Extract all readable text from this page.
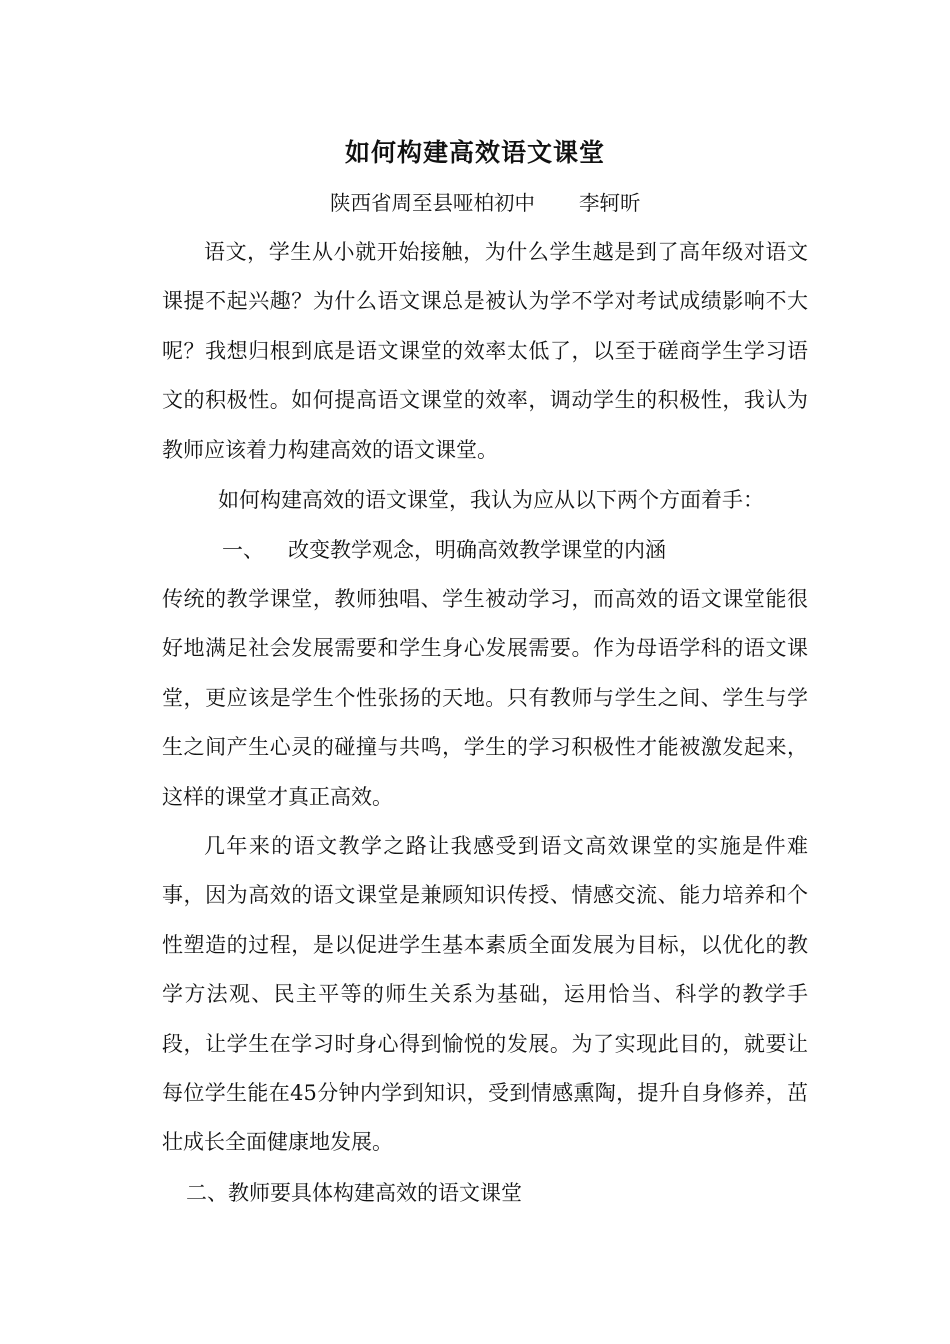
如何构建高效语文课堂
陕西省周至县哑柏初中 李轲昕
语文，学生从小就开始接触，为什么学生越是到了高年级对语文课提不起兴趣？为什么语文课总是被认为学不学对考试成绩影响不大呢？我想归根到底是语文课堂的效率太低了，以至于磋商学生学习语文的积极性。如何提高语文课堂的效率，调动学生的积极性，我认为教师应该着力构建高效的语文课堂。
如何构建高效的语文课堂，我认为应从以下两个方面着手：
一、 改变教学观念，明确高效教学课堂的内涵
传统的教学课堂，教师独唱、学生被动学习，而高效的语文课堂能很好地满足社会发展需要和学生身心发展需要。作为母语学科的语文课堂，更应该是学生个性张扬的天地。只有教师与学生之间、学生与学生之间产生心灵的碰撞与共鸣，学生的学习积极性才能被激发起来，这样的课堂才真正高效。
几年来的语文教学之路让我感受到语文高效课堂的实施是件难事，因为高效的语文课堂是兼顾知识传授、情感交流、能力培养和个性塑造的过程，是以促进学生基本素质全面发展为目标，以优化的教学方法观、民主平等的师生关系为基础，运用恰当、科学的教学手段，让学生在学习时身心得到愉悦的发展。为了实现此目的，就要让每位学生能在45分钟内学到知识，受到情感熏陶，提升自身修养，茁壮成长全面健康地发展。
二、教师要具体构建高效的语文课堂
